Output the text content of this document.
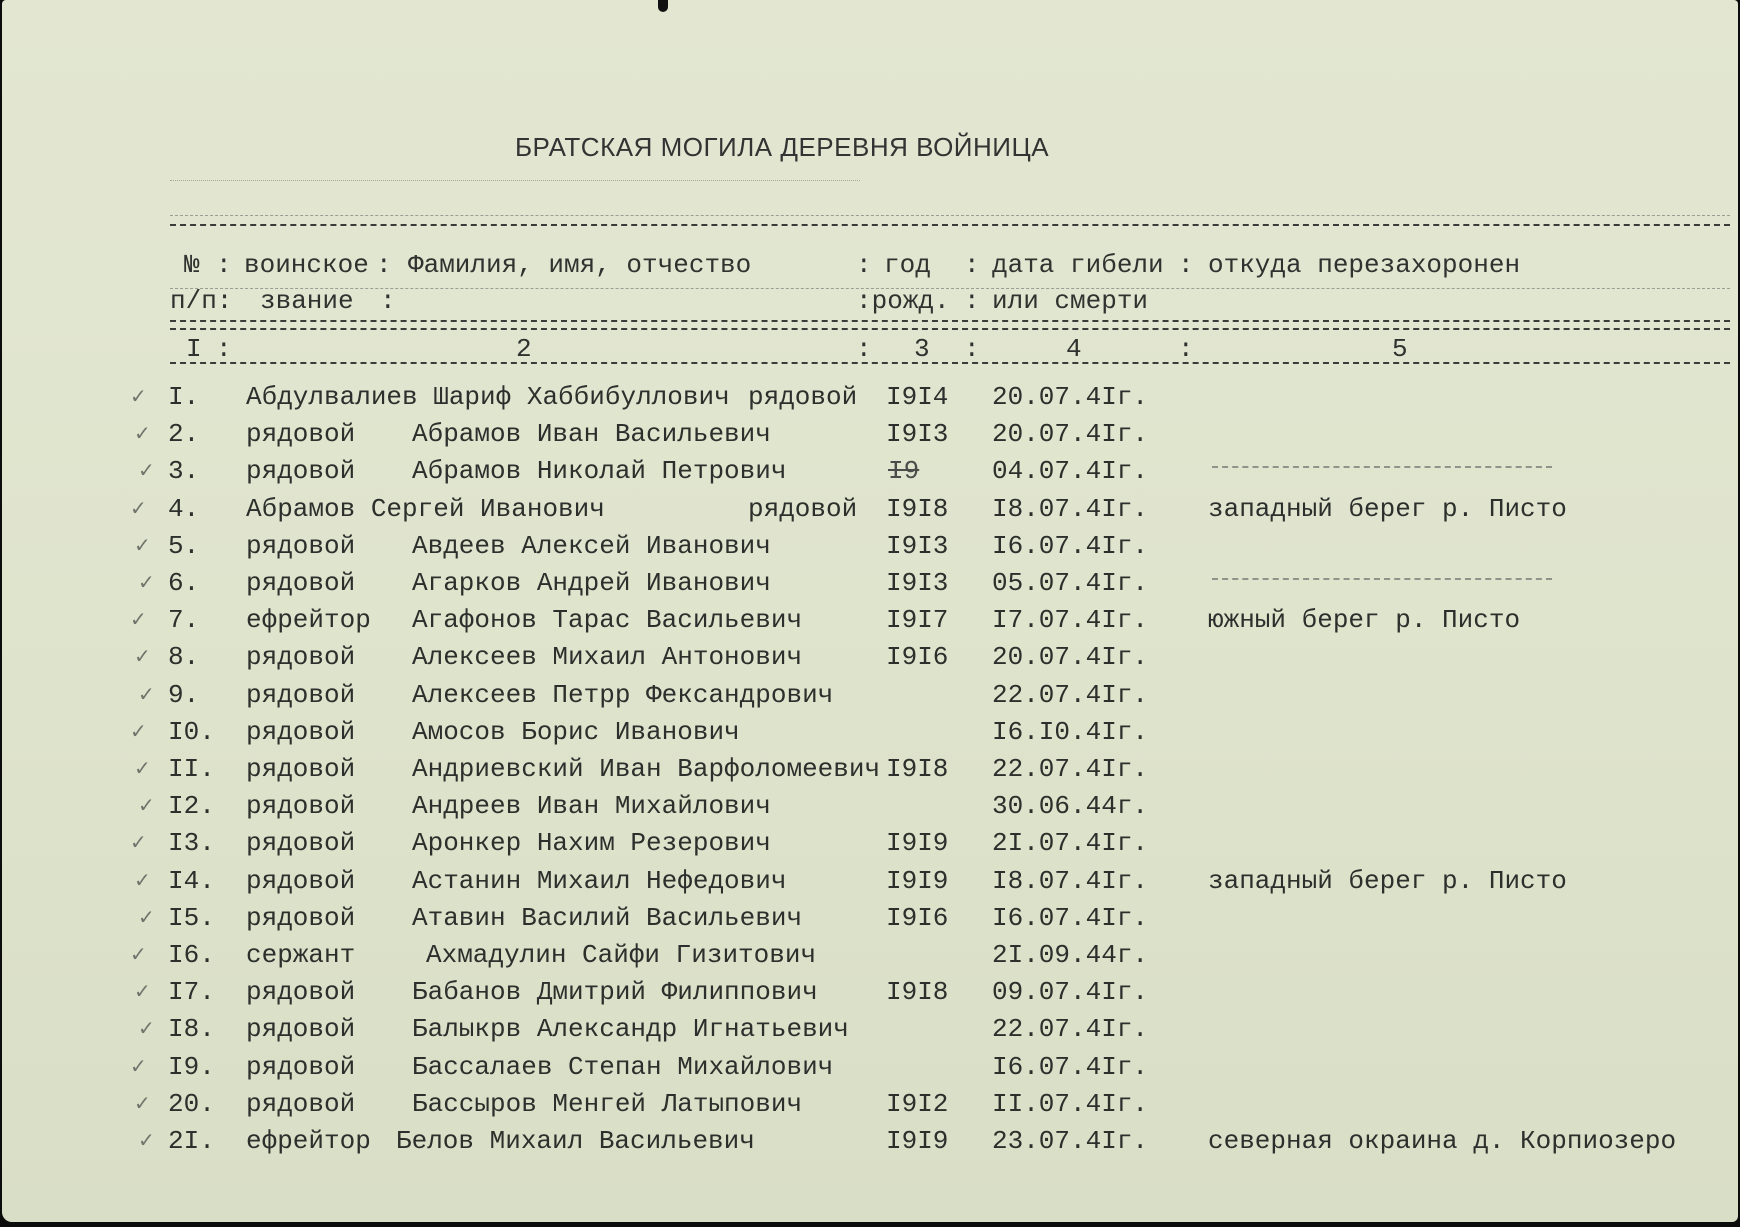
БРАТСКАЯ МОГИЛА ДЕРЕВНЯ ВОЙНИЦА
№ : воинское : Фамилия, имя, отчество	: год : дата гибели : откуда перезахоронен
п/п: звание :	:рожд. : или смерти
I :	2	: 3 :	4	:	5
✓ I. Абдулвалиев Шариф Хаббибуллович рядовой I9I4 20.07.4Iг.
✓ 2. рядовой Абрамов Иван Васильевич	I9I3 20.07.4Iг.
✓ 3. рядовой Абрамов Николай Петрович	I9	04.07.4Iг.
✓ 4. Абрамов Сергей Иванович	рядовой I9I8 I8.07.4Iг. западный берег р. Писто
✓ 5. рядовой Авдеев Алексей Иванович	I9I3 I6.07.4Iг.
✓ 6. рядовой Агарков Андрей Иванович	I9I3 05.07.4Iг.
✓ 7. ефрейтор Агафонов Тарас Васильевич	I9I7 I7.07.4Iг. южный берег р. Писто
✓ 8. рядовой Алексеев Михаил Антонович	I9I6 20.07.4Iг.
✓ 9. рядовой Алексеев Петрр Фександрович	22.07.4Iг.
✓ I0. рядовой Амосов Борис Иванович	I6.I0.4Iг.
✓ II. рядовой Андриевский Иван Варфоломеевич I9I8 22.07.4Iг.
✓ I2. рядовой Андреев Иван Михайлович	30.06.44г.
✓ I3. рядовой Аронкер Нахим Резерович	I9I9 2I.07.4Iг.
✓ I4. рядовой Астанин Михаил Нефедович	I9I9 I8.07.4Iг. западный берег р. Писто
✓ I5. рядовой Атавин Василий Васильевич	I9I6 I6.07.4Iг.
✓ I6. сержант	Ахмадулин Сайфи Гизитович	2I.09.44г.
✓ I7. рядовой Бабанов Дмитрий Филиппович	I9I8 09.07.4Iг.
✓ I8. рядовой Балыкрв Александр Игнатьевич	22.07.4Iг.
✓ I9. рядовой Бассалаев Степан Михайлович	I6.07.4Iг.
✓ 20. рядовой Бассыров Менгей Латыпович	I9I2 II.07.4Iг.
✓ 2I. ефрейтор Белов Михаил Васильевич	I9I9 23.07.4Iг. северная окраина д. Корпиозеро
